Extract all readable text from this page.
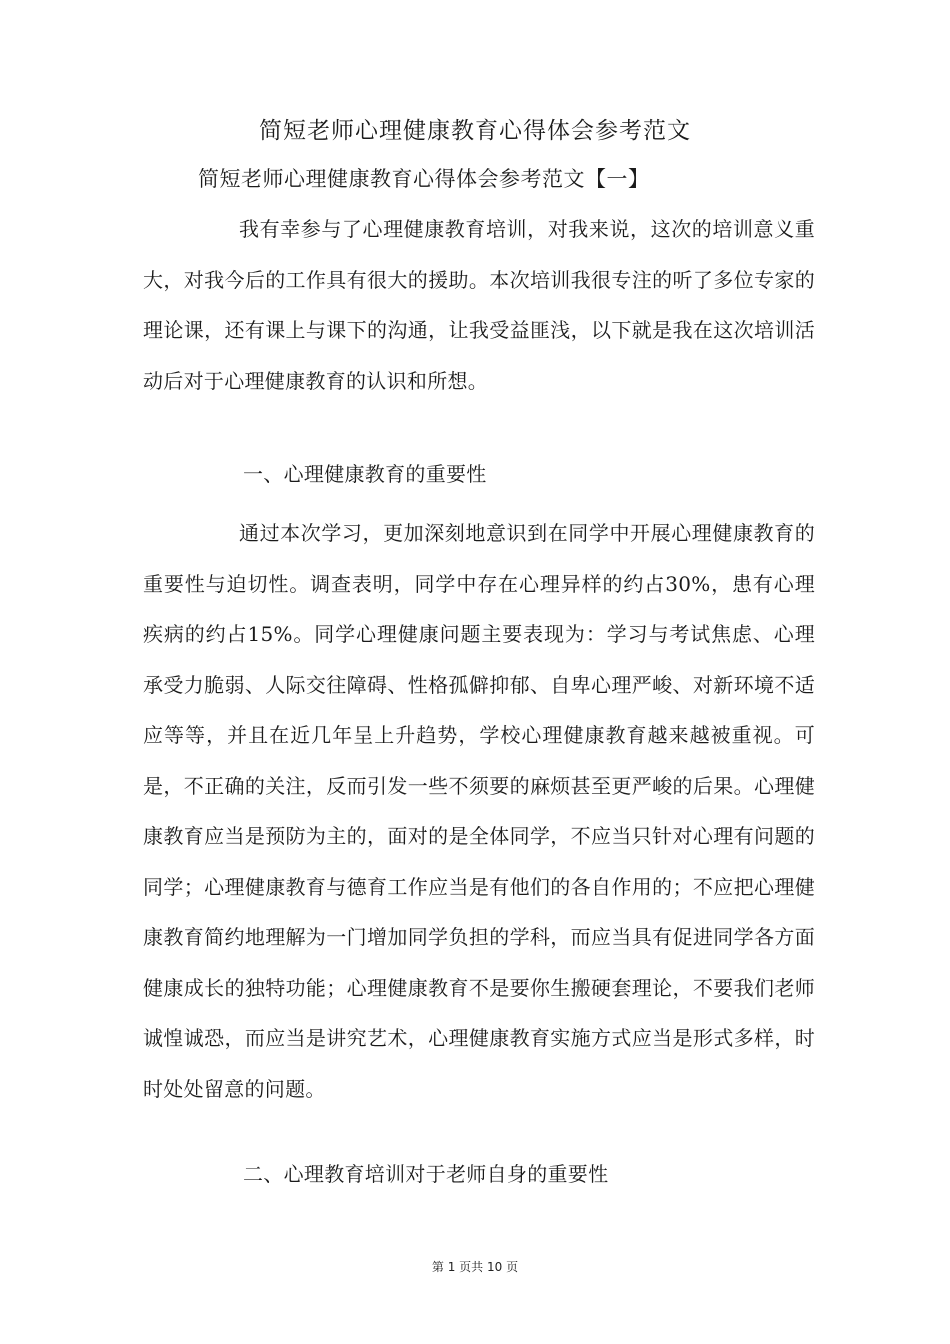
简短老师心理健康教育心得体会参考范文
简短老师心理健康教育心得体会参考范文【一】

我有幸参与了心理健康教育培训，对我来说，这次的培训意义重大，对我今后的工作具有很大的援助。本次培训我很专注的听了多位专家的理论课，还有课上与课下的沟通，让我受益匪浅，以下就是我在这次培训活动后对于心理健康教育的认识和所想。

一、心理健康教育的重要性

通过本次学习，更加深刻地意识到在同学中开展心理健康教育的重要性与迫切性。调查表明，同学中存在心理异样的约占30%，患有心理疾病的约占15%。同学心理健康问题主要表现为：学习与考试焦虑、心理承受力脆弱、人际交往障碍、性格孤僻抑郁、自卑心理严峻、对新环境不适应等等，并且在近几年呈上升趋势，学校心理健康教育越来越被重视。可是，不正确的关注，反而引发一些不须要的麻烦甚至更严峻的后果。心理健康教育应当是预防为主的，面对的是全体同学，不应当只针对心理有问题的同学；心理健康教育与德育工作应当是有他们的各自作用的；不应把心理健康教育简约地理解为一门增加同学负担的学科，而应当具有促进同学各方面健康成长的独特功能；心理健康教育不是要你生搬硬套理论，不要我们老师诚惶诚恐，而应当是讲究艺术，心理健康教育实施方式应当是形式多样，时时处处留意的问题。

二、心理教育培训对于老师自身的重要性
第 1 页共 10 页
